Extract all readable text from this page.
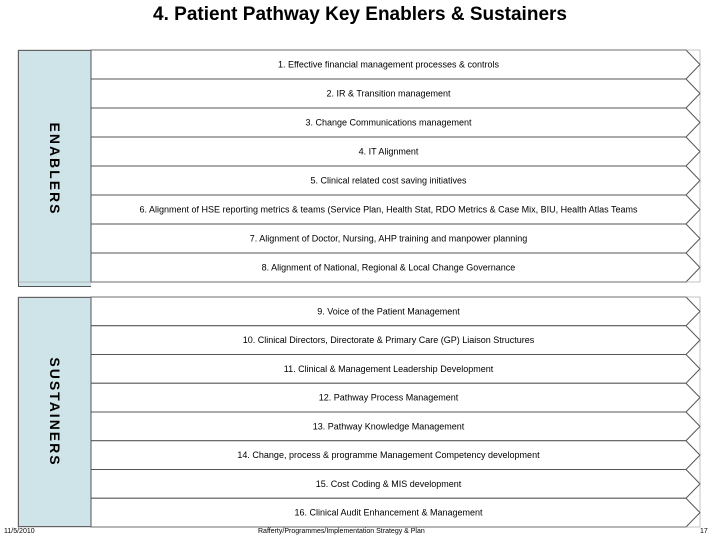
4. Patient Pathway Key Enablers & Sustainers
ENABLERS
SUSTAINERS
1. Effective financial management processes & controls
2. IR & Transition management
3. Change Communications management
4. IT Alignment
5. Clinical related cost saving initiatives
6. Alignment of HSE reporting metrics & teams (Service Plan, Health Stat, RDO Metrics & Case Mix, BIU, Health Atlas Teams
7. Alignment of Doctor, Nursing, AHP training and manpower planning
8. Alignment of National, Regional & Local Change Governance
9. Voice of the Patient Management
10. Clinical Directors, Directorate & Primary Care (GP) Liaison Structures
11. Clinical & Management Leadership Development
12. Pathway Process Management
13. Pathway Knowledge Management
14. Change, process & programme Management Competency development
15. Cost Coding & MIS development
16. Clinical Audit Enhancement & Management
11/5/2010	Rafferty/Programmes/Implementation Strategy & Plan	17
